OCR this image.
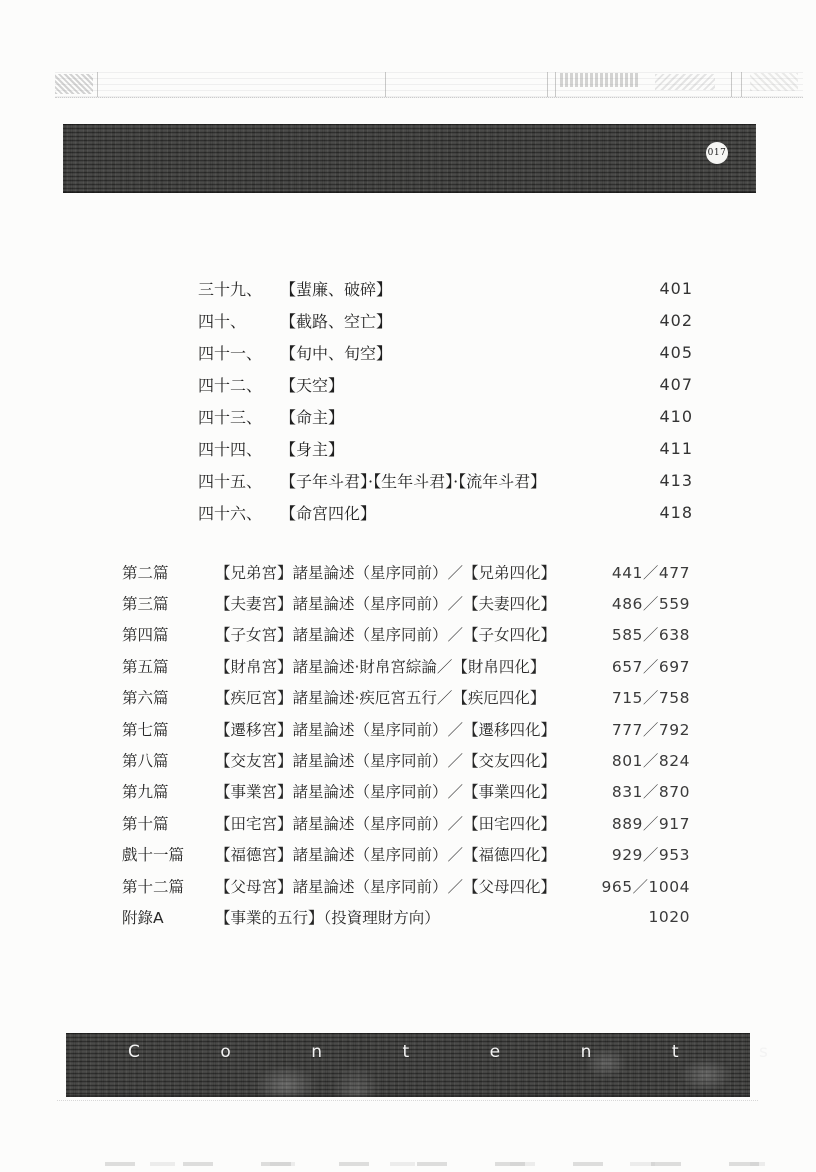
017
三十九、	【蜚廉、破碎】	401
四十、	【截路、空亡】	402
四十一、	【旬中、旬空】	405
四十二、	【天空】	407
四十三、	【命主】	410
四十四、	【身主】	411
四十五、	【子年斗君】·【生年斗君】·【流年斗君】	413
四十六、	【命宮四化】	418
第二篇	【兄弟宮】諸星論述（星序同前）／【兄弟四化】	441／477
第三篇	【夫妻宮】諸星論述（星序同前）／【夫妻四化】	486／559
第四篇	【子女宮】諸星論述（星序同前）／【子女四化】	585／638
第五篇	【財帛宮】諸星論述·財帛宮綜論／【財帛四化】	657／697
第六篇	【疾厄宮】諸星論述·疾厄宮五行／【疾厄四化】	715／758
第七篇	【遷移宮】諸星論述（星序同前）／【遷移四化】	777／792
第八篇	【交友宮】諸星論述（星序同前）／【交友四化】	801／824
第九篇	【事業宮】諸星論述（星序同前）／【事業四化】	831／870
第十篇	【田宅宮】諸星論述（星序同前）／【田宅四化】	889／917
戲十一篇	【福德宮】諸星論述（星序同前）／【福德四化】	929／953
第十二篇	【父母宮】諸星論述（星序同前）／【父母四化】	965／1004
附錄A	【事業的五行】（投資理財方向）	1020
C	o	n	t	e	n	t	s
